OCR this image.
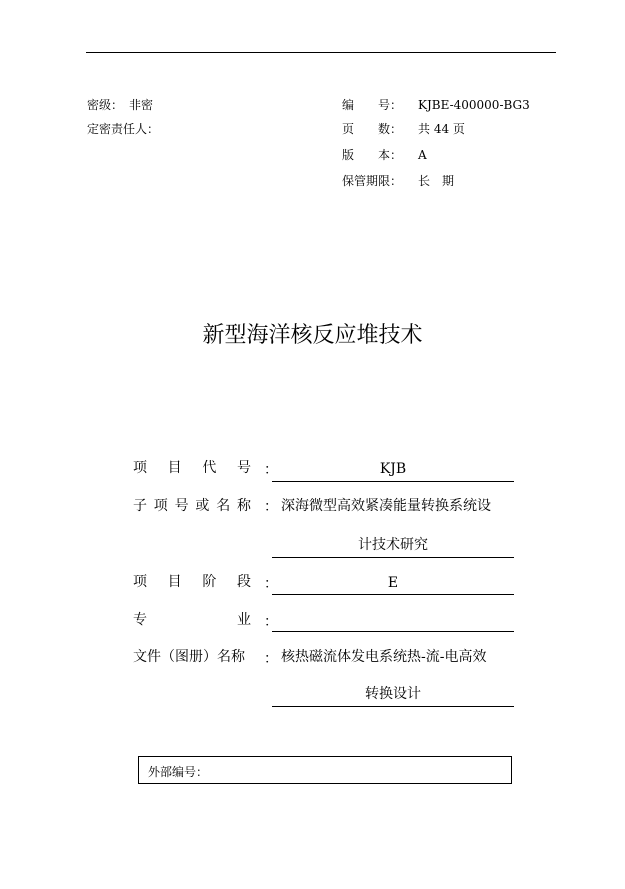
密级： 非密
定密责任人：
编　　号： KJBE-400000-BG3
页　　数： 共 44 页
版　　本： A
保管期限： 长　期
新型海洋核反应堆技术
项 目 代 号 ：	KJB
子 项 号 或 名 称 ： 深海微型高效紧凑能量转换系统设
计技术研究
项 目 阶 段 ：	E
专	业 ：
文件（图册）名称 ： 核热磁流体发电系统热-流-电高效
转换设计
外部编号：
